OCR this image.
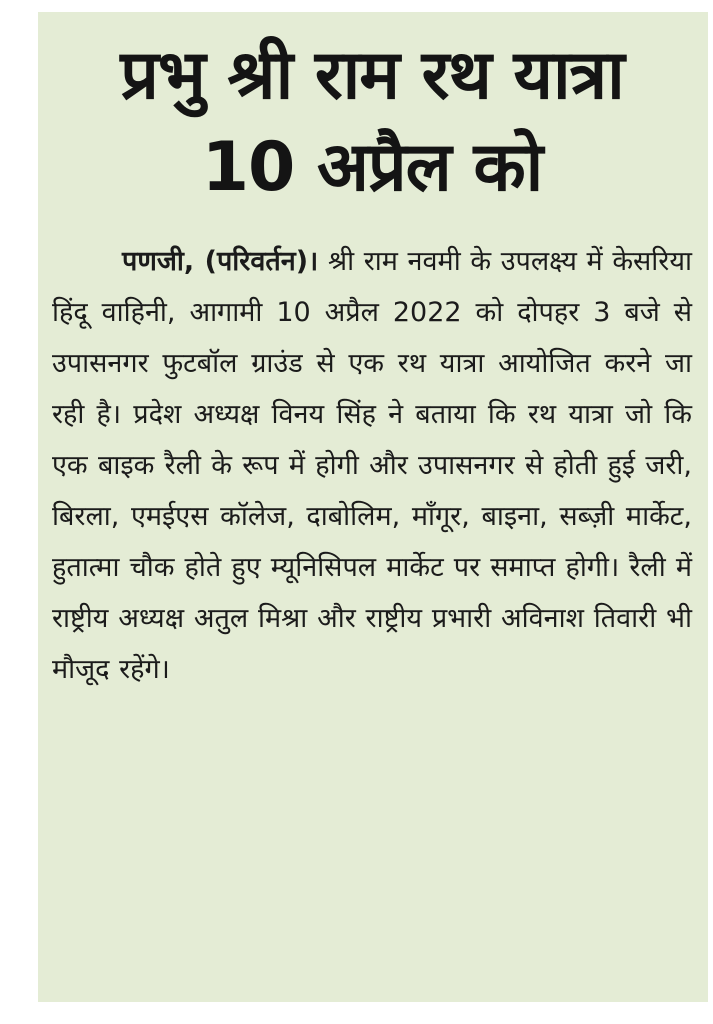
प्रभु श्री राम रथ यात्रा
10 अप्रैल को

पणजी, (परिवर्तन)। श्री राम नवमी के उपलक्ष्य में केसरिया हिंदू वाहिनी, आगामी 10 अप्रैल 2022 को दोपहर 3 बजे से उपासनगर फुटबॉल ग्राउंड से एक रथ यात्रा आयोजित करने जा रही है। प्रदेश अध्यक्ष विनय सिंह ने बताया कि रथ यात्रा जो कि एक बाइक रैली के रूप में होगी और उपासनगर से होती हुई जरी, बिरला, एमईएस कॉलेज, दाबोलिम, माँगूर, बाइना, सब्ज़ी मार्केट, हुतात्मा चौक होते हुए म्यूनिसिपल मार्केट पर समाप्त होगी। रैली में राष्ट्रीय अध्यक्ष अतुल मिश्रा और राष्ट्रीय प्रभारी अविनाश तिवारी भी मौजूद रहेंगे।
